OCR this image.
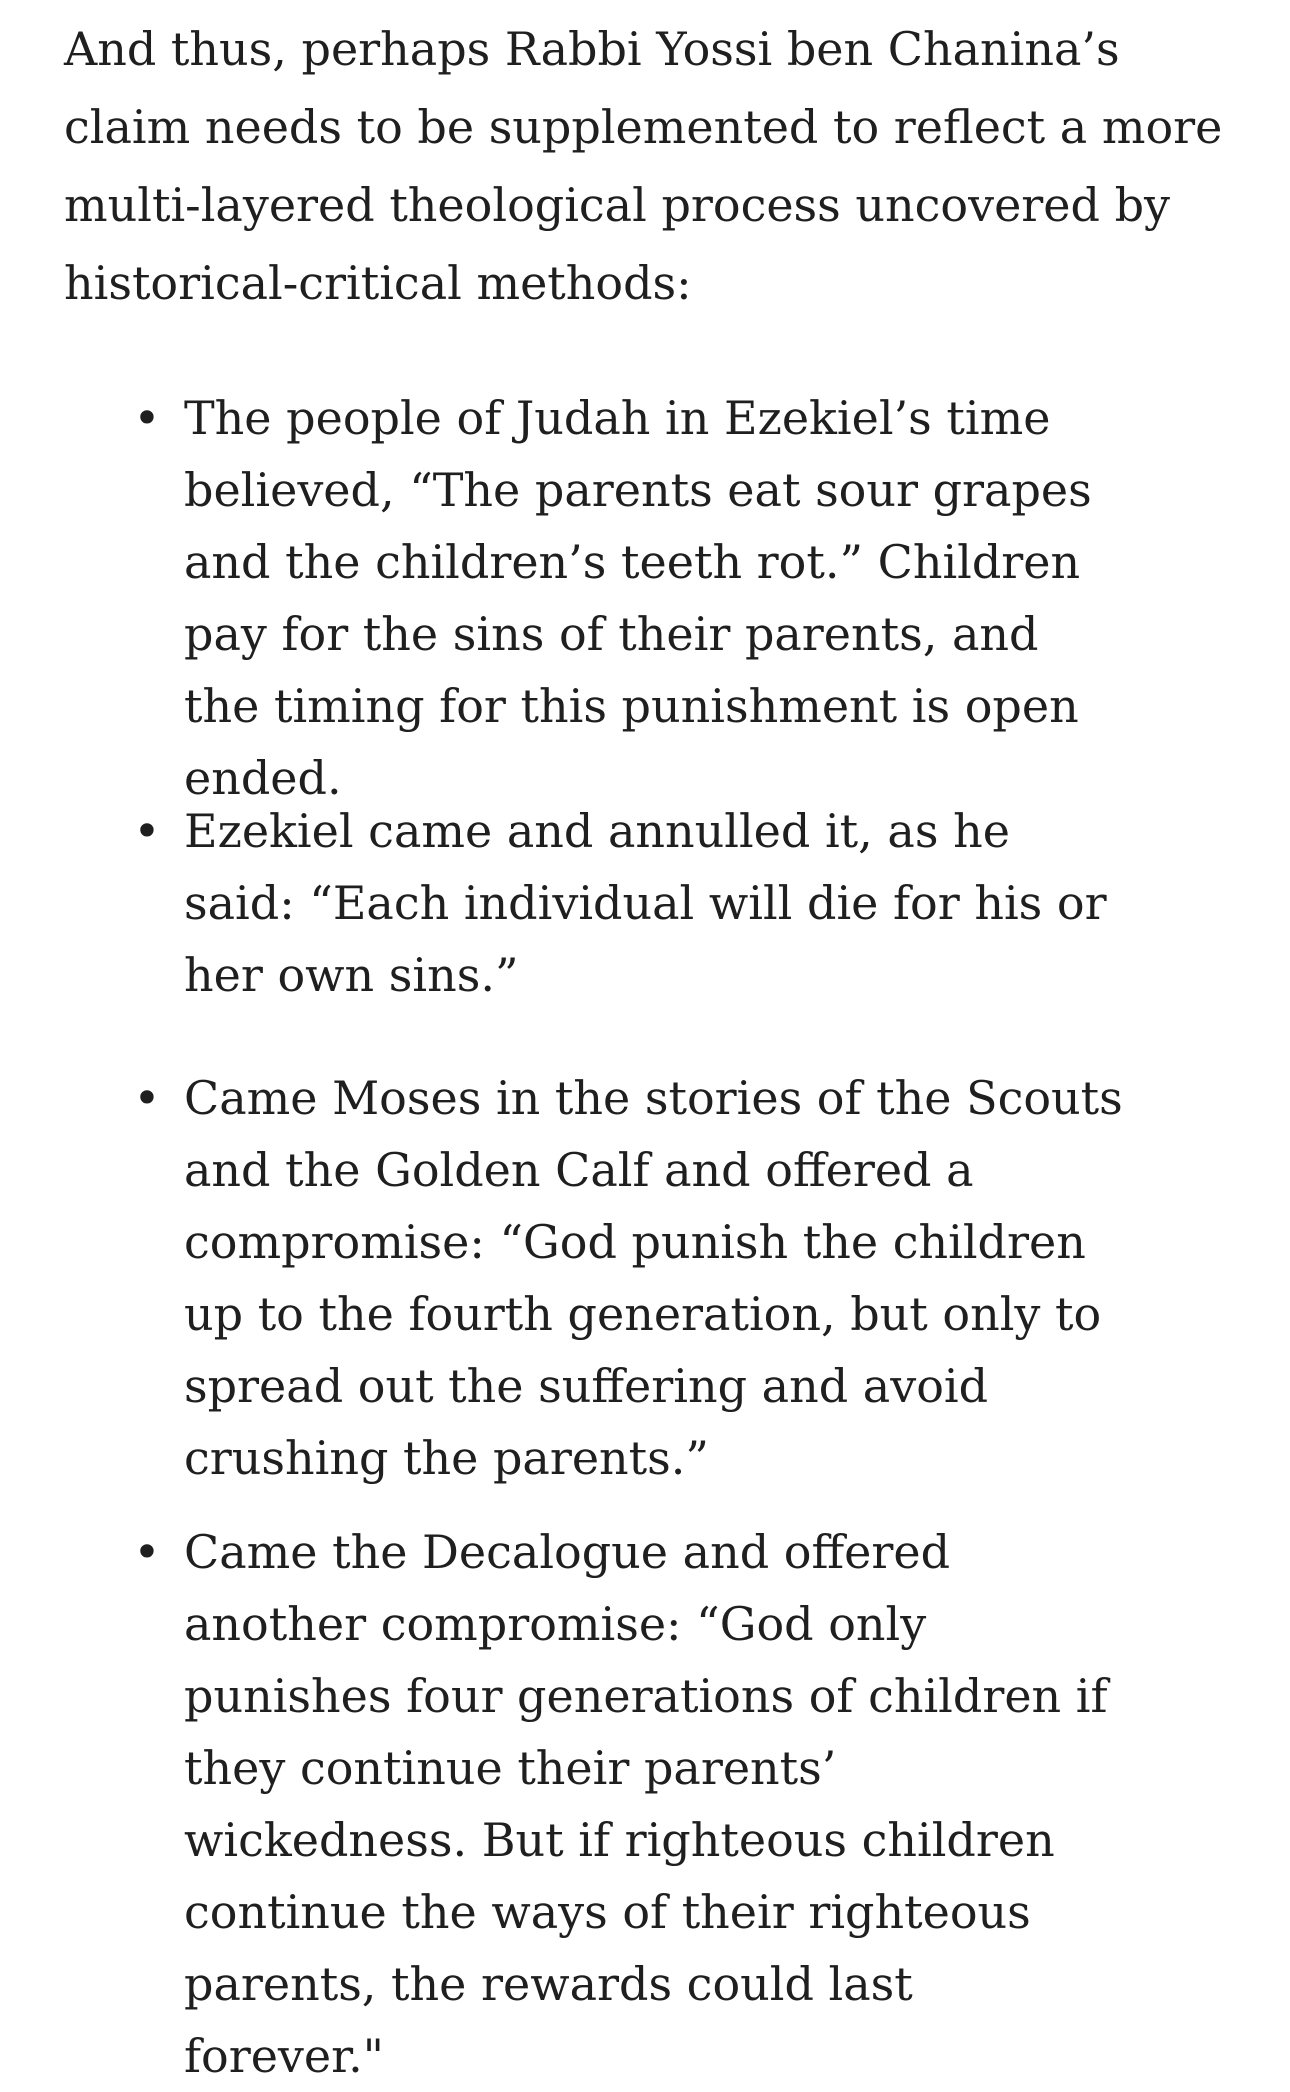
And thus, perhaps Rabbi Yossi ben Chanina’s claim needs to be supplemented to reflect a more multi-layered theological process uncovered by historical-critical methods:

• The people of Judah in Ezekiel’s time believed, “The parents eat sour grapes and the children’s teeth rot.” Children pay for the sins of their parents, and the timing for this punishment is open ended.
• Ezekiel came and annulled it, as he said: “Each individual will die for his or her own sins.”
• Came Moses in the stories of the Scouts and the Golden Calf and offered a compromise: “God punish the children up to the fourth generation, but only to spread out the suffering and avoid crushing the parents.”
• Came the Decalogue and offered another compromise: “God only punishes four generations of children if they continue their parents’ wickedness. But if righteous children continue the ways of their righteous parents, the rewards could last forever."
